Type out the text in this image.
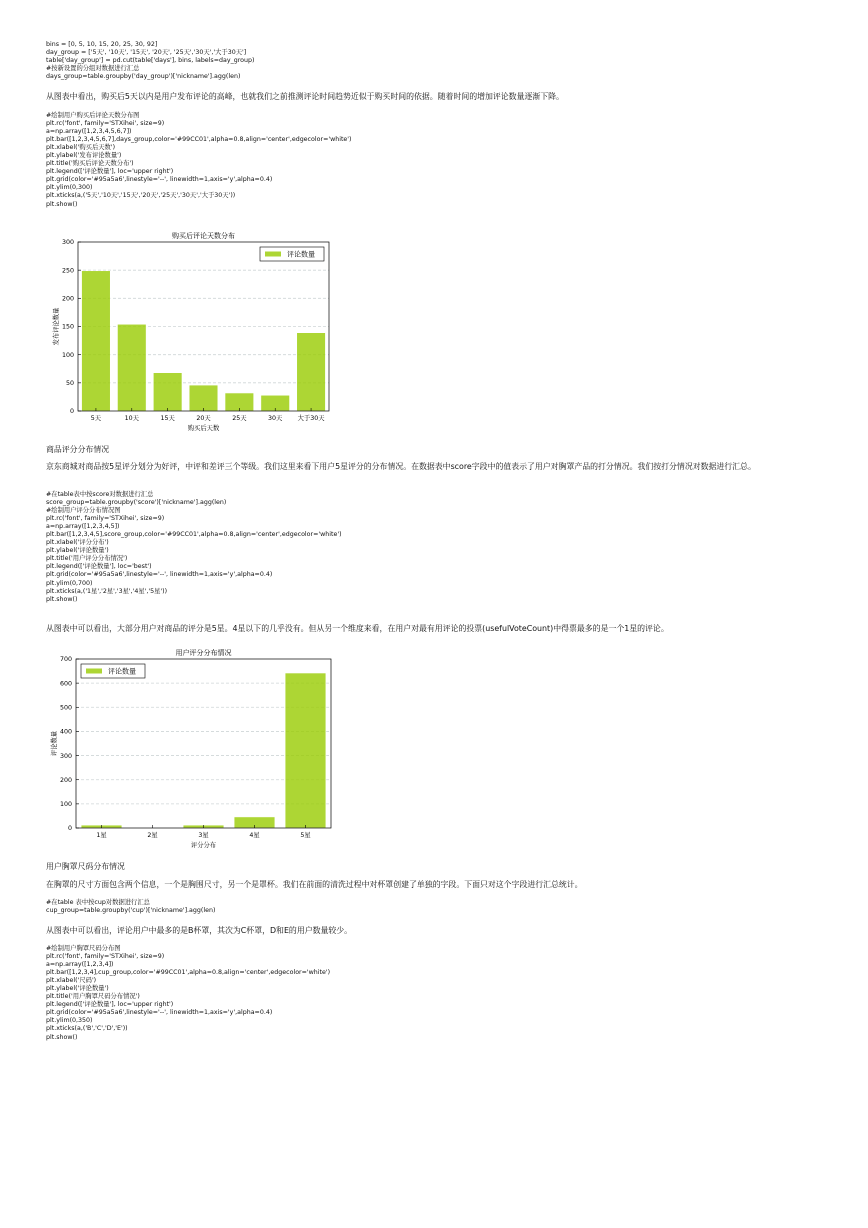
bins = [0, 5, 10, 15, 20, 25, 30, 92]
day_group = ['5天', '10天', '15天', '20天', '25天','30天','大于30天']
table['day_group'] = pd.cut(table['days'], bins, labels=day_group)
#按新设置的分组对数据进行汇总
days_group=table.groupby('day_group')['nickname'].agg(len)
从图表中看出，购买后5天以内是用户发布评论的高峰，也就我们之前推测评论时间趋势近似于购买时间的依据。随着时间的增加评论数量逐渐下降。
#绘制用户购买后评论天数分布图
plt.rc('font', family='STXihei', size=9)
a=np.array([1,2,3,4,5,6,7])
plt.bar([1,2,3,4,5,6,7],days_group,color='#99CC01',alpha=0.8,align='center',edgecolor='white')
plt.xlabel('购买后天数')
plt.ylabel('发布评论数量')
plt.title('购买后评论天数分布')
plt.legend(['评论数量'], loc='upper right')
plt.grid(color='#95a5a6',linestyle='--', linewidth=1,axis='y',alpha=0.4)
plt.ylim(0,300)
plt.xticks(a,('5天','10天','15天','20天','25天','30天','大于30天'))
plt.show()
5天	10天	15天	20天	25天	30天 大于30天
0
50
100
150
200
250
300
购买后评论天数分布
购买后天数
发布评论数量
评论数量
商品评分分布情况
京东商城对商品按5星评分划分为好评，中评和差评三个等级。我们这里来看下用户5星评分的分布情况。在数据表中score字段中的值表示了用户对胸罩产品的打分情况。我们按打分情况对数据进行汇总。
#在table表中按score对数据进行汇总
score_group=table.groupby('score')['nickname'].agg(len)
#绘制用户评分分布情况图
plt.rc('font', family='STXihei', size=9)
a=np.array([1,2,3,4,5])
plt.bar([1,2,3,4,5],score_group,color='#99CC01',alpha=0.8,align='center',edgecolor='white')
plt.xlabel('评分分布')
plt.ylabel('评论数量')
plt.title('用户评分分布情况')
plt.legend(['评论数量'], loc='best')
plt.grid(color='#95a5a6',linestyle='--', linewidth=1,axis='y',alpha=0.4)
plt.ylim(0,700)
plt.xticks(a,('1星','2星','3星','4星','5星'))
plt.show()
从图表中可以看出，大部分用户对商品的评分是5星。4星以下的几乎没有。但从另一个维度来看，在用户对最有用评论的投票(usefulVoteCount)中得票最多的是一个1星的评论。
1星	2星	3星	4星	5星
0
100
200
300
400
500
600
700
用户评分分布情况
评分分布
评论数量
评论数量
用户胸罩尺码分布情况
在胸罩的尺寸方面包含两个信息，一个是胸围尺寸，另一个是罩杯。我们在前面的清洗过程中对杯罩创建了单独的字段。下面只对这个字段进行汇总统计。
#在table 表中按cup对数据进行汇总
cup_group=table.groupby('cup')['nickname'].agg(len)
从图表中可以看出，评论用户中最多的是B杯罩，其次为C杯罩，D和E的用户数量较少。
#绘制用户胸罩尺码分布图
plt.rc('font', family='STXihei', size=9)
a=np.array([1,2,3,4])
plt.bar([1,2,3,4],cup_group,color='#99CC01',alpha=0.8,align='center',edgecolor='white')
plt.xlabel('尺码')
plt.ylabel('评论数量')
plt.title('用户胸罩尺码分布情况')
plt.legend(['评论数量'], loc='upper right')
plt.grid(color='#95a5a6',linestyle='--', linewidth=1,axis='y',alpha=0.4)
plt.ylim(0,350)
plt.xticks(a,('B','C','D','E'))
plt.show()
